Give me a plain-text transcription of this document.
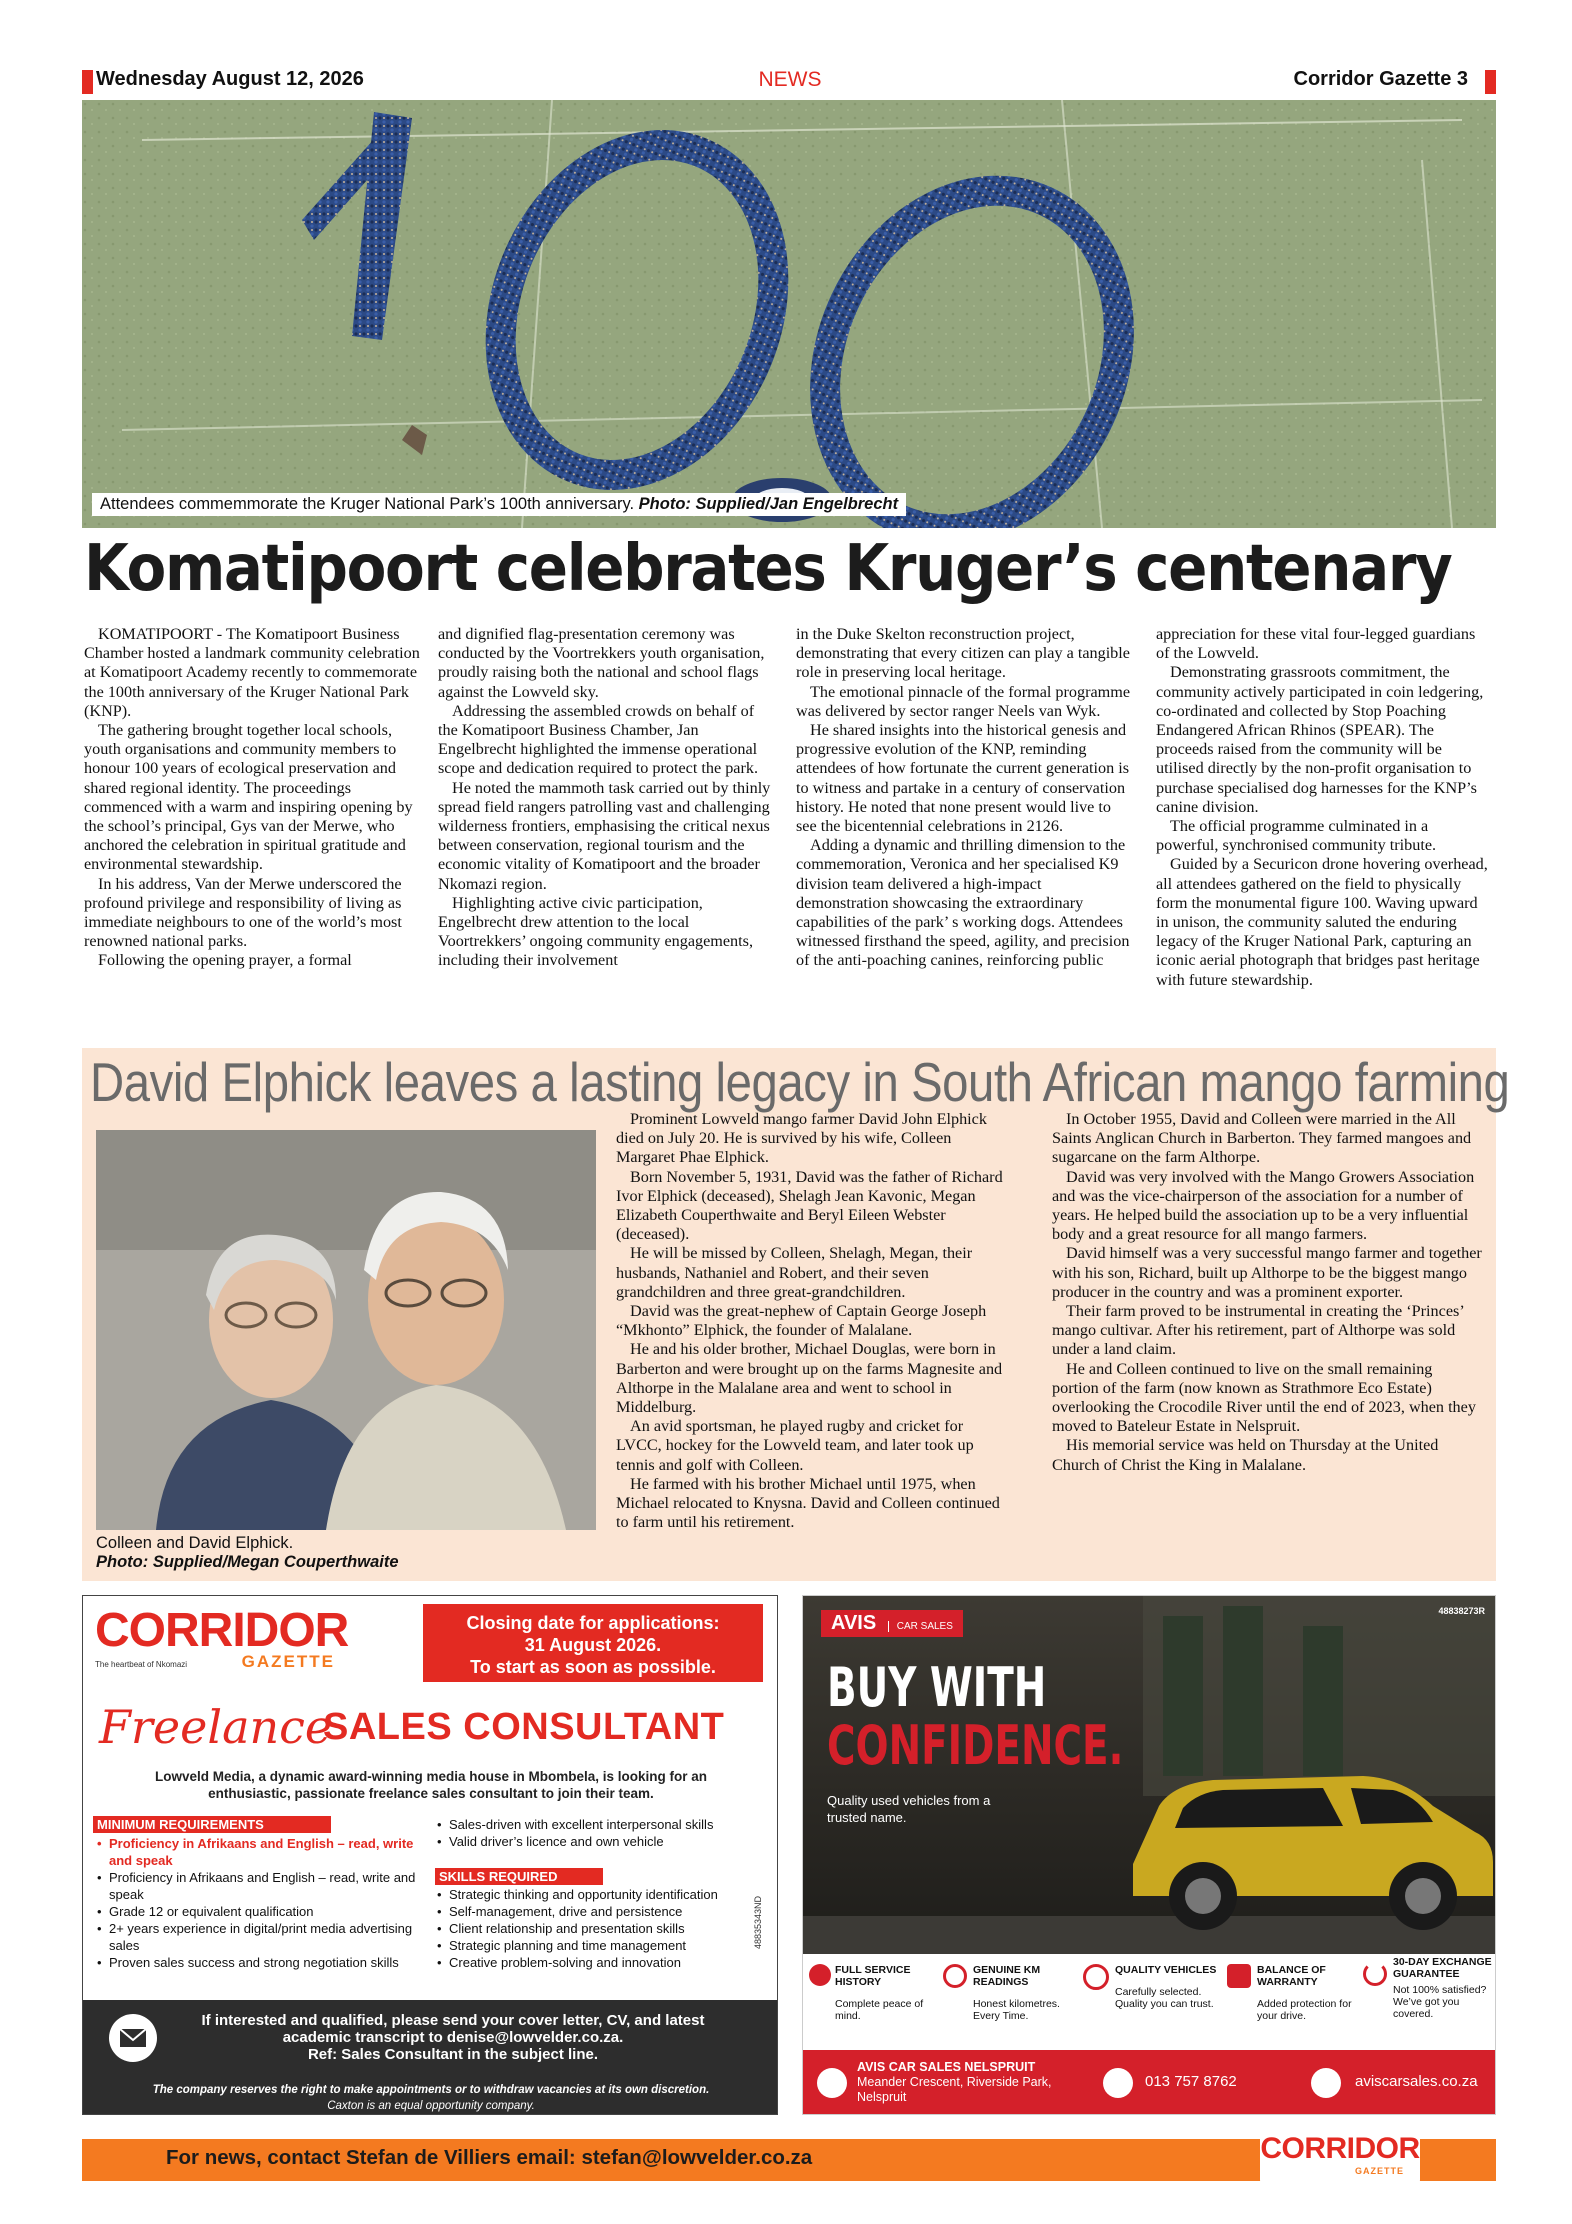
Wednesday August 12, 2026	NEWS	Corridor Gazette 3
Attendees commemmorate the Kruger National Park’s 100th anniversary. Photo: Supplied/Jan Engelbrecht
Komatipoort celebrates Kruger’s centenary

KOMATIPOORT - The Komatipoort Business Chamber hosted a landmark community celebration at Komatipoort Academy recently to commemorate the 100th anniversary of the Kruger National Park (KNP).

The gathering brought together local schools, youth organisations and community members to honour 100 years of ecological preservation and shared regional identity. The proceedings commenced with a warm and inspiring opening by the school’s principal, Gys van der Merwe, who anchored the celebration in spiritual gratitude and environmental stewardship.

In his address, Van der Merwe underscored the profound privilege and responsibility of living as immediate neighbours to one of the world’s most renowned national parks.

Following the opening prayer, a formal

and dignified flag-presentation ceremony was conducted by the Voortrekkers youth organisation, proudly raising both the national and school flags against the Lowveld sky.

Addressing the assembled crowds on behalf of the Komatipoort Business Chamber, Jan Engelbrecht highlighted the immense operational scope and dedication required to protect the park.

He noted the mammoth task carried out by thinly spread field rangers patrolling vast and challenging wilderness frontiers, emphasising the critical nexus between conservation, regional tourism and the economic vitality of Komatipoort and the broader Nkomazi region.

Highlighting active civic participation, Engelbrecht drew attention to the local Voortrekkers’ ongoing community engagements, including their involvement

in the Duke Skelton reconstruction project, demonstrating that every citizen can play a tangible role in preserving local heritage.

The emotional pinnacle of the formal programme was delivered by sector ranger Neels van Wyk.

He shared insights into the historical genesis and progressive evolution of the KNP, reminding attendees of how fortunate the current generation is to witness and partake in a century of conservation history. He noted that none present would live to see the bicentennial celebrations in 2126.

Adding a dynamic and thrilling dimension to the commemoration, Veronica and her specialised K9 division team delivered a high-impact demonstration showcasing the extraordinary capabilities of the park’ s working dogs. Attendees witnessed firsthand the speed, agility, and precision of the anti-poaching canines, reinforcing public

appreciation for these vital four-legged guardians of the Lowveld.

Demonstrating grassroots commitment, the community actively participated in coin ledgering, co-ordinated and collected by Stop Poaching Endangered African Rhinos (SPEAR). The proceeds raised from the community will be utilised directly by the non-profit organisation to purchase specialised dog harnesses for the KNP’s canine division.

The official programme culminated in a powerful, synchronised community tribute.

Guided by a Securicon drone hovering overhead, all attendees gathered on the field to physically form the monumental figure 100. Waving upward in unison, the community saluted the enduring legacy of the Kruger National Park, capturing an iconic aerial photograph that bridges past heritage with future stewardship.

David Elphick leaves a lasting legacy in South African mango farming
Colleen and David Elphick.
Photo: Supplied/Megan Couperthwaite

Prominent Lowveld mango farmer David John Elphick died on July 20. He is survived by his wife, Colleen Margaret Phae Elphick.

Born November 5, 1931, David was the father of Richard Ivor Elphick (deceased), Shelagh Jean Kavonic, Megan Elizabeth Couperthwaite and Beryl Eileen Webster (deceased).

He will be missed by Colleen, Shelagh, Megan, their husbands, Nathaniel and Robert, and their seven grandchildren and three great-grandchildren.

David was the great-nephew of Captain George Joseph “Mkhonto” Elphick, the founder of Malalane.

He and his older brother, Michael Douglas, were born in Barberton and were brought up on the farms Magnesite and Althorpe in the Malalane area and went to school in Middelburg.

An avid sportsman, he played rugby and cricket for LVCC, hockey for the Lowveld team, and later took up tennis and golf with Colleen.

He farmed with his brother Michael until 1975, when Michael relocated to Knysna. David and Colleen continued to farm until his retirement.

In October 1955, David and Colleen were married in the All Saints Anglican Church in Barberton. They farmed mangoes and sugarcane on the farm Althorpe.

David was very involved with the Mango Growers Association and was the vice-chairperson of the association for a number of years. He helped build the association up to be a very influential body and a great resource for all mango farmers.

David himself was a very successful mango farmer and together with his son, Richard, built up Althorpe to be the biggest mango producer in the country and was a prominent exporter.

Their farm proved to be instrumental in creating the ‘Princes’ mango cultivar. After his retirement, part of Althorpe was sold under a land claim.

He and Colleen continued to live on the small remaining portion of the farm (now known as Strathmore Eco Estate) overlooking the Crocodile River until the end of 2023, when they moved to Bateleur Estate in Nelspruit.

His memorial service was held on Thursday at the United Church of Christ the King in Malalane.

CORRIDOR
GAZETTE
The heartbeat of Nkomazi
Closing date for applications:
31 August 2026.
To start as soon as possible.
Freelance
SALES CONSULTANT
Lowveld Media, a dynamic award-winning media house in Mbombela, is looking for an enthusiastic, passionate freelance sales consultant to join their team.
MINIMUM REQUIREMENTS
• Proficiency in Afrikaans and English – read, write and speak
• Proficiency in Afrikaans and English – read, write and speak
• Grade 12 or equivalent qualification
• 2+ years experience in digital/print media advertising sales
• Proven sales success and strong negotiation skills
• Sales-driven with excellent interpersonal skills
• Valid driver’s licence and own vehicle
SKILLS REQUIRED
• Strategic thinking and opportunity identification
• Self-management, drive and persistence
• Client relationship and presentation skills
• Strategic planning and time management
• Creative problem-solving and innovation
48835343ND
If interested and qualified, please send your cover letter, CV, and latest
academic transcript to denise@lowvelder.co.za.
Ref: Sales Consultant in the subject line.
The company reserves the right to make appointments or to withdraw vacancies at its own discretion.
Caxton is an equal opportunity company.
AVIS CAR SALES
48838273R
BUY WITH
CONFIDENCE.
Quality used vehicles from a trusted name.
FULL SERVICE HISTORY
Complete peace of mind.
GENUINE KM READINGS
Honest kilometres. Every Time.
QUALITY VEHICLES
Carefully selected. Quality you can trust.
BALANCE OF WARRANTY
Added protection for your drive.
30-DAY EXCHANGE GUARANTEE
Not 100% satisfied? We’ve got you covered.
AVIS CAR SALES NELSPRUIT
Meander Crescent, Riverside Park,
Nelspruit
013 757 8762	aviscarsales.co.za
For news, contact Stefan de Villiers email: stefan@lowvelder.co.za	CORRIDOR
GAZETTE
